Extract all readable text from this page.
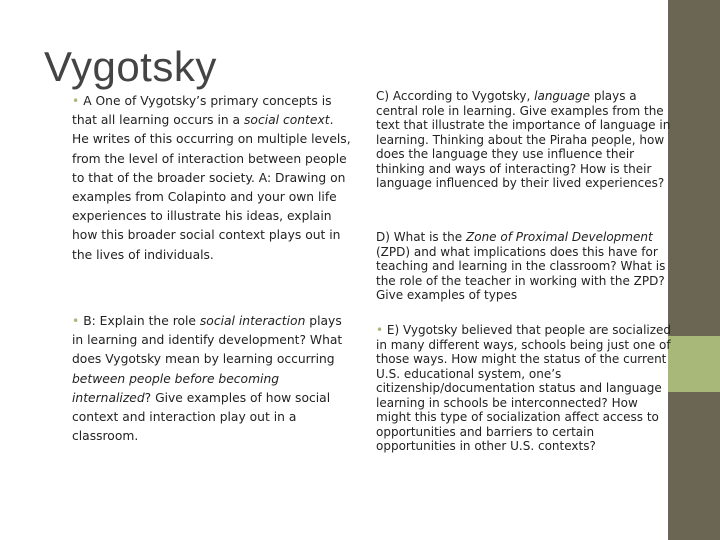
Vygotsky

• A One of Vygotsky’s primary concepts is that all learning occurs in a social context. He writes of this occurring on multiple levels, from the level of interaction between people to that of the broader society. A: Drawing on examples from Colapinto and your own life experiences to illustrate his ideas, explain how this broader social context plays out in the lives of individuals.

• B: Explain the role social interaction plays in learning and identify development? What does Vygotsky mean by learning occurring between people before becoming internalized? Give examples of how social context and interaction play out in a classroom.

C) According to Vygotsky, language plays a central role in learning. Give examples from the text that illustrate the importance of language in learning. Thinking about the Piraha people, how does the language they use influence their thinking and ways of interacting? How is their language influenced by their lived experiences?

D) What is the Zone of Proximal Development (ZPD) and what implications does this have for teaching and learning in the classroom? What is the role of the teacher in working with the ZPD? Give examples of types

• E) Vygotsky believed that people are socialized in many different ways, schools being just one of those ways. How might the status of the current U.S. educational system, one’s citizenship/documentation status and language learning in schools be interconnected? How might this type of socialization affect access to opportunities and barriers to certain opportunities in other U.S. contexts?
